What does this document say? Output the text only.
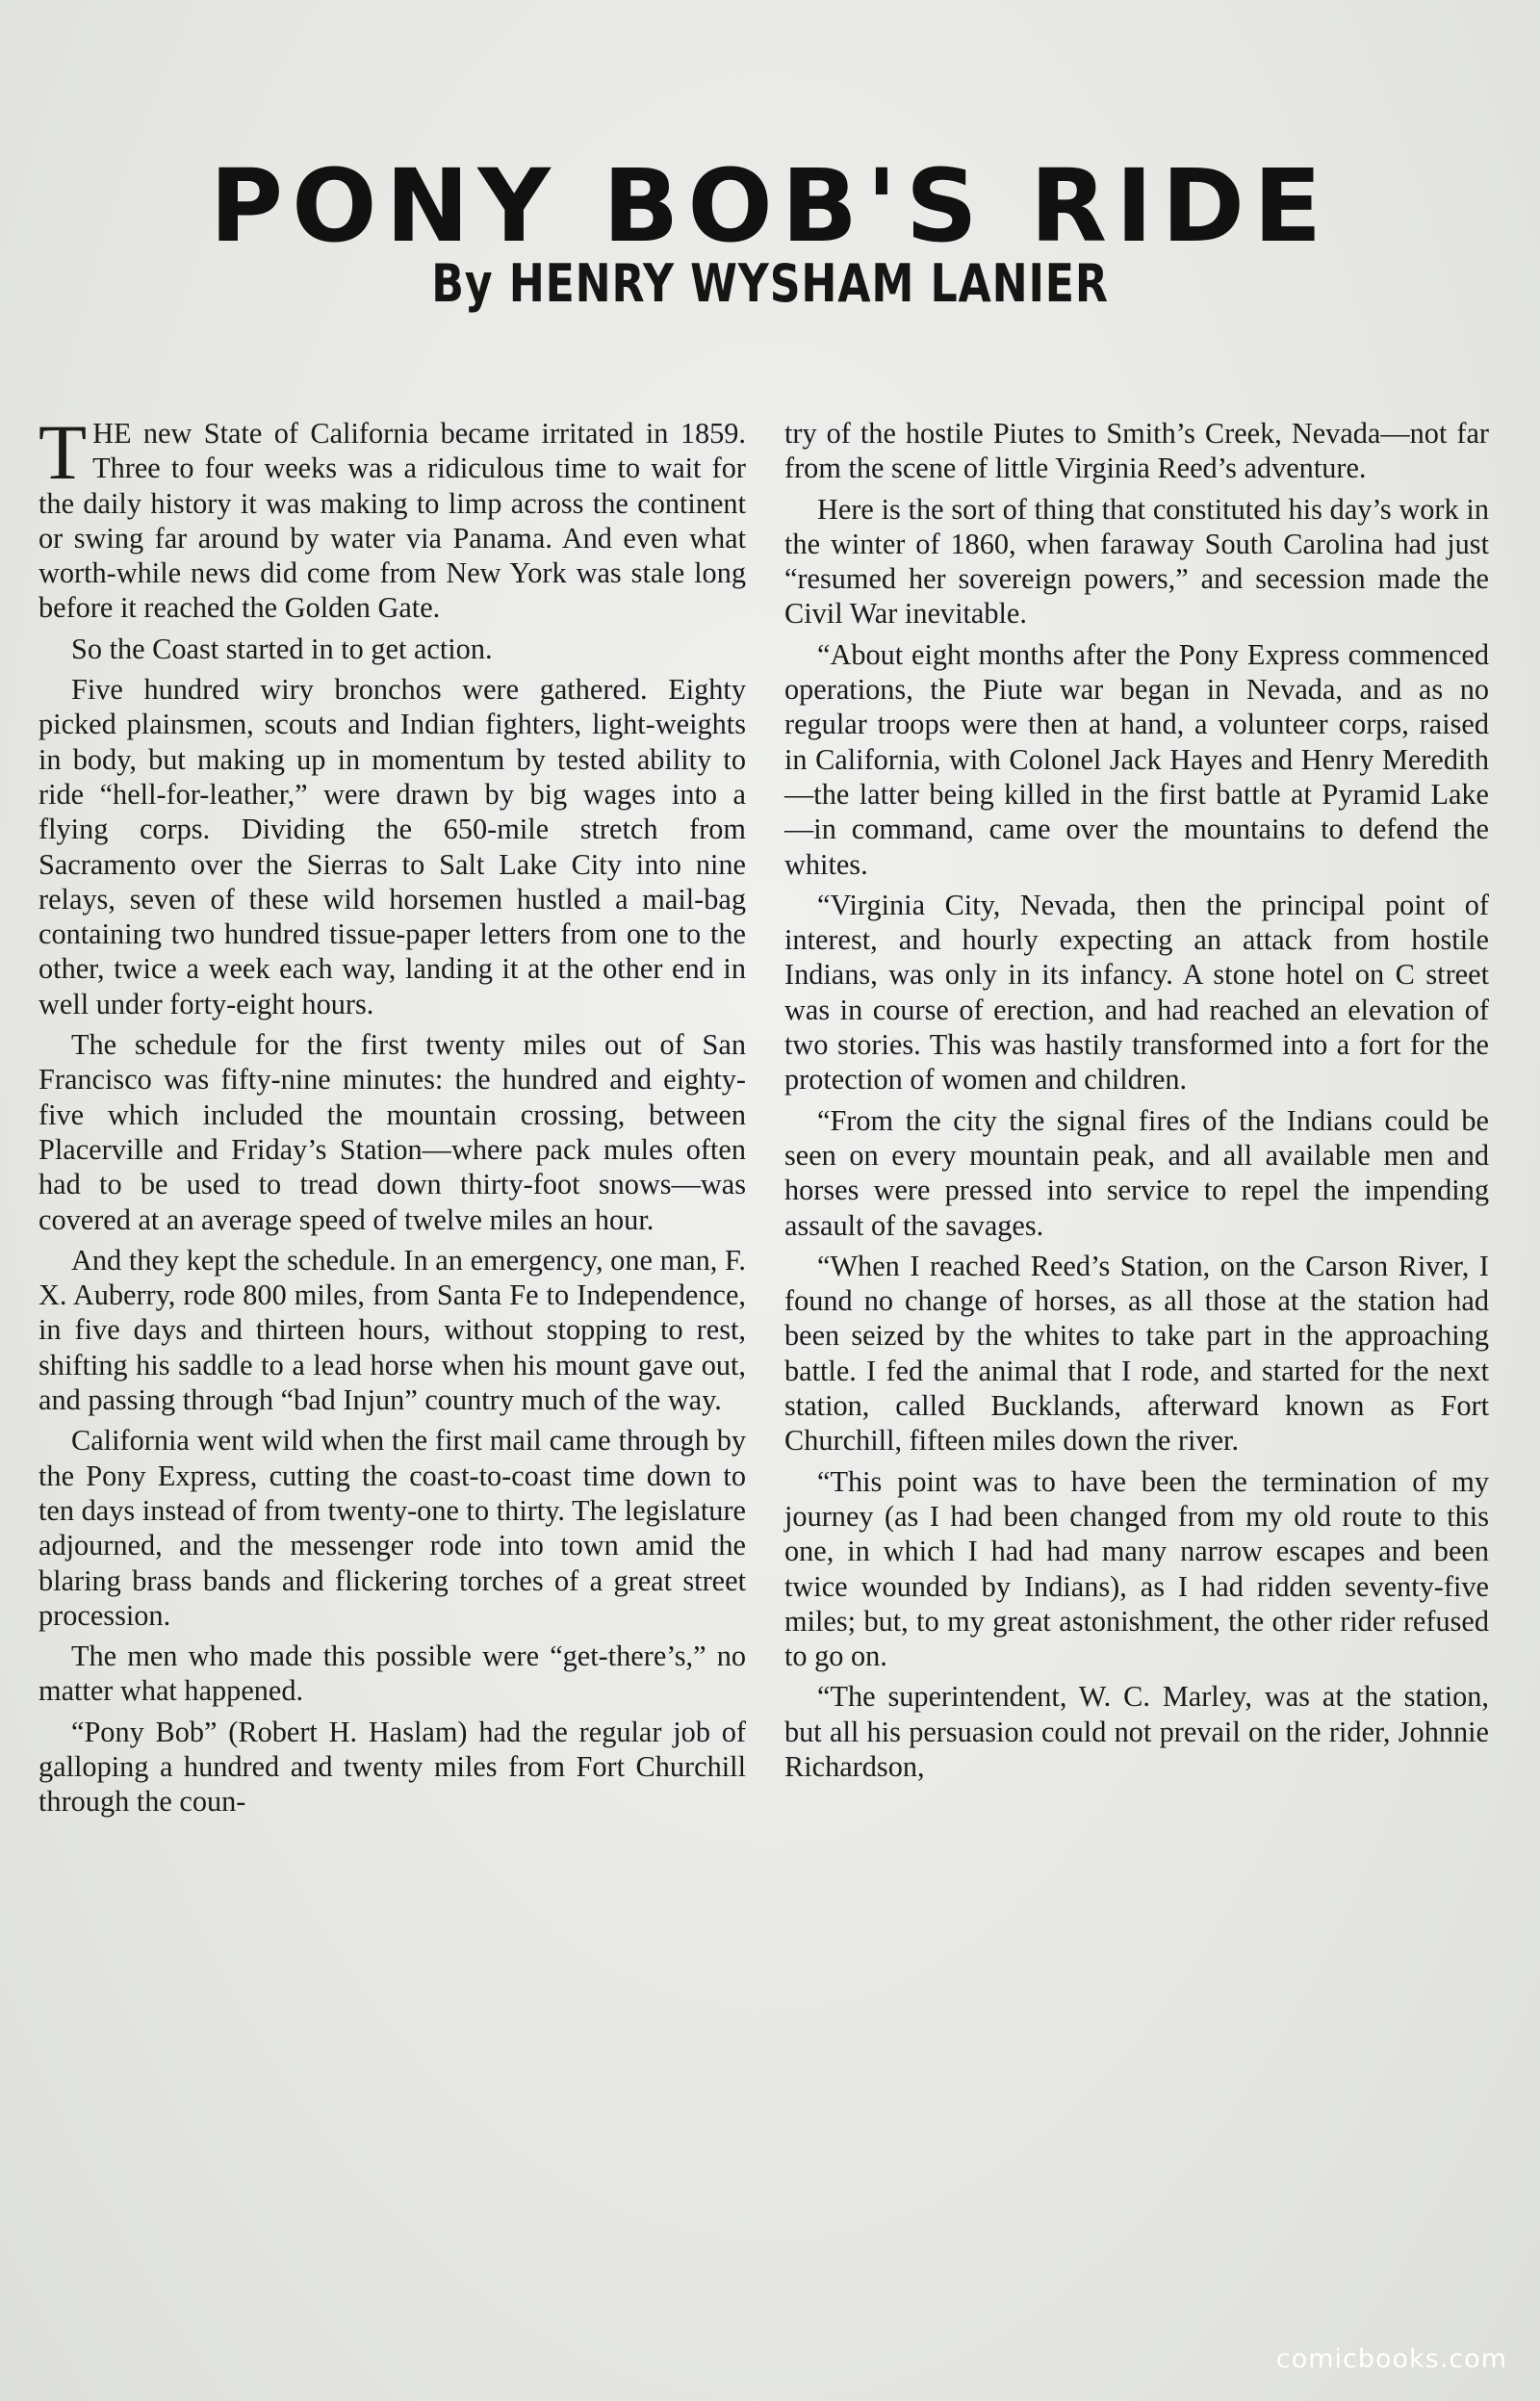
PONY BOB'S RIDE
By HENRY WYSHAM LANIER

THE new State of California became irritated in 1859. Three to four weeks was a ridiculous time to wait for the daily history it was making to limp across the continent or swing far around by water via Panama. And even what worth-while news did come from New York was stale long before it reached the Golden Gate.

So the Coast started in to get action.

Five hundred wiry bronchos were gathered. Eighty picked plainsmen, scouts and Indian fighters, light-weights in body, but making up in momentum by tested ability to ride “hell-for-leather,” were drawn by big wages into a flying corps. Dividing the 650-mile stretch from Sacramento over the Sierras to Salt Lake City into nine relays, seven of these wild horsemen hustled a mail-bag containing two hundred tissue-paper letters from one to the other, twice a week each way, landing it at the other end in well under forty-eight hours.

The schedule for the first twenty miles out of San Francisco was fifty-nine minutes: the hundred and eighty-five which included the mountain crossing, between Placerville and Friday’s Station—where pack mules often had to be used to tread down thirty-foot snows—was covered at an average speed of twelve miles an hour.

And they kept the schedule. In an emergency, one man, F. X. Auberry, rode 800 miles, from Santa Fe to Independence, in five days and thirteen hours, without stopping to rest, shifting his saddle to a lead horse when his mount gave out, and passing through “bad Injun” country much of the way.

California went wild when the first mail came through by the Pony Express, cutting the coast-to-coast time down to ten days instead of from twenty-one to thirty. The legislature adjourned, and the messenger rode into town amid the blaring brass bands and flickering torches of a great street procession.

The men who made this possible were “get-there’s,” no matter what happened.

“Pony Bob” (Robert H. Haslam) had the regular job of galloping a hundred and twenty miles from Fort Churchill through the coun-

try of the hostile Piutes to Smith’s Creek, Nevada—not far from the scene of little Virginia Reed’s adventure.

Here is the sort of thing that constituted his day’s work in the winter of 1860, when faraway South Carolina had just “resumed her sovereign powers,” and secession made the Civil War inevitable.

“About eight months after the Pony Express commenced operations, the Piute war began in Nevada, and as no regular troops were then at hand, a volunteer corps, raised in California, with Colonel Jack Hayes and Henry Meredith—the latter being killed in the first battle at Pyramid Lake—in command, came over the mountains to defend the whites.

“Virginia City, Nevada, then the principal point of interest, and hourly expecting an attack from hostile Indians, was only in its infancy. A stone hotel on C street was in course of erection, and had reached an elevation of two stories. This was hastily transformed into a fort for the protection of women and children.

“From the city the signal fires of the Indians could be seen on every mountain peak, and all available men and horses were pressed into service to repel the impending assault of the savages.

“When I reached Reed’s Station, on the Carson River, I found no change of horses, as all those at the station had been seized by the whites to take part in the approaching battle. I fed the animal that I rode, and started for the next station, called Bucklands, afterward known as Fort Churchill, fifteen miles down the river.

“This point was to have been the termination of my journey (as I had been changed from my old route to this one, in which I had had many narrow escapes and been twice wounded by Indians), as I had ridden seventy-five miles; but, to my great astonishment, the other rider refused to go on.

“The superintendent, W. C. Marley, was at the station, but all his persuasion could not prevail on the rider, Johnnie Richardson,

comicbooks.com
